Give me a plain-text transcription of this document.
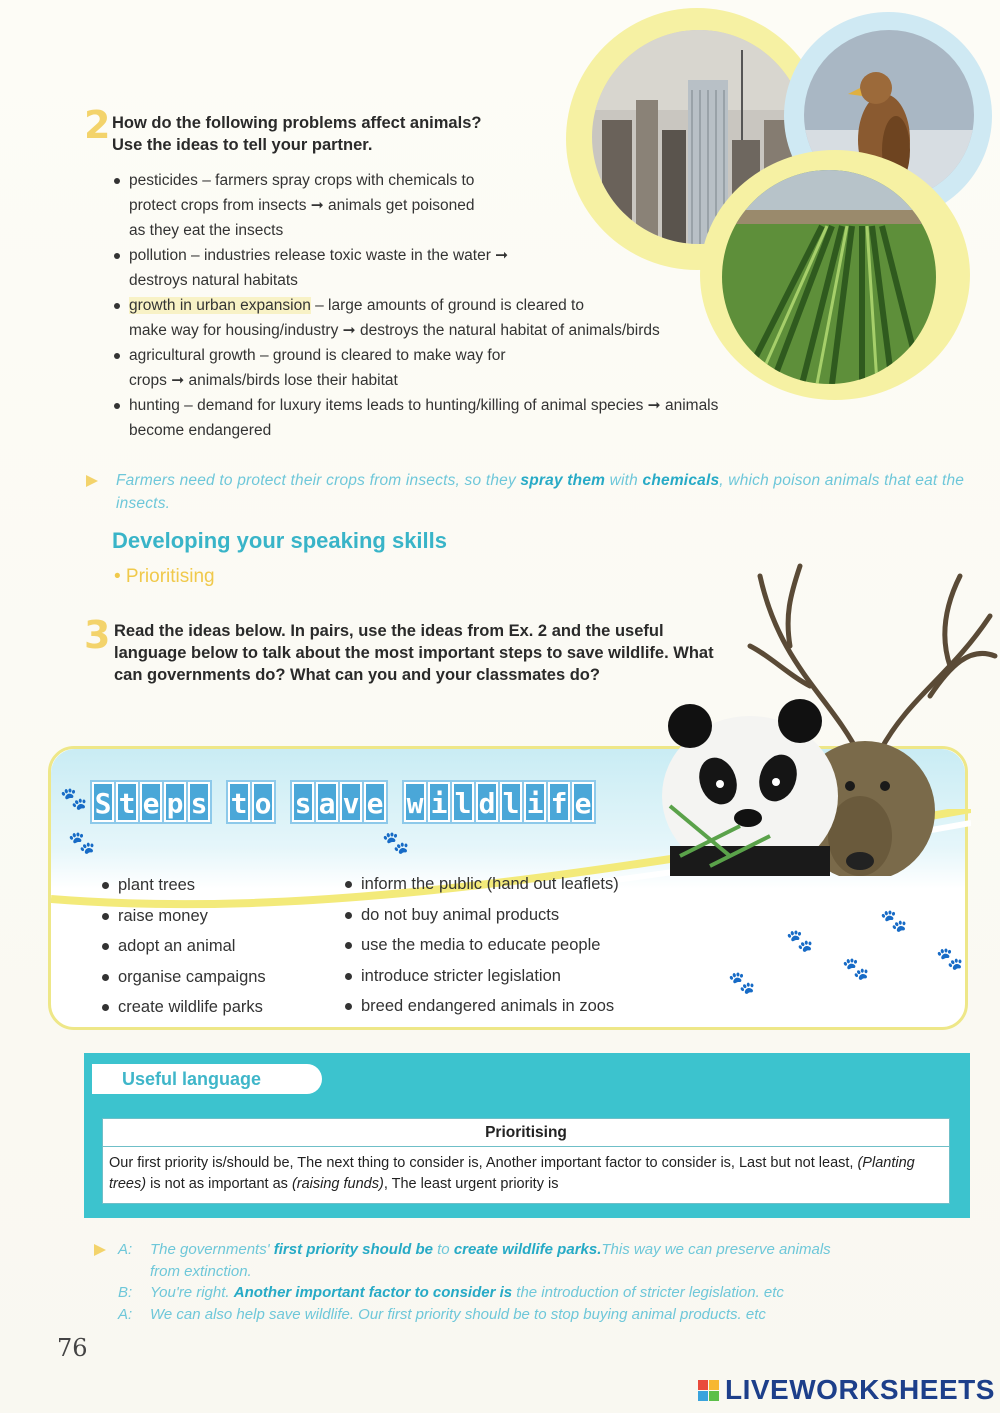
2 How do the following problems affect animals? Use the ideas to tell your partner.
pesticides – farmers spray crops with chemicals to
protect crops from insects ➞ animals get poisoned
as they eat the insects
pollution – industries release toxic waste in the water ➞
destroys natural habitats
growth in urban expansion – large amounts of ground is cleared to
make way for housing/industry ➞ destroys the natural habitat of animals/birds
agricultural growth – ground is cleared to make way for
crops ➞ animals/birds lose their habitat
hunting – demand for luxury items leads to hunting/killing of animal species ➞ animals
become endangered
Farmers need to protect their crops from insects, so they spray them with chemicals, which poison animals that eat the insects.
Developing your speaking skills
• Prioritising
3 Read the ideas below. In pairs, use the ideas from Ex. 2 and the useful language below to talk about the most important steps to save wildlife. What can governments do? What can you and your classmates do?
S t e p s t o s a v e w i l d l i f e
plant trees
raise money
adopt an animal
organise campaigns
create wildlife parks
inform the public (hand out leaflets)
do not buy animal products
use the media to educate people
introduce stricter legislation
breed endangered animals in zoos
🐾
🐾	🐾
🐾
🐾
🐾
🐾
🐾
Useful language
Prioritising
Our first priority is/should be, The next thing to consider is, Another important factor to consider is, Last but not least, (Planting trees) is not as important as (raising funds), The least urgent priority is
A:	The governments' first priority should be to create wildlife parks.This way we can preserve animals
from extinction.
B:	You're right. Another important factor to consider is the introduction of stricter legislation. etc
A:	We can also help save wildlife. Our first priority should be to stop buying animal products. etc
76
LIVEWORKSHEETS
